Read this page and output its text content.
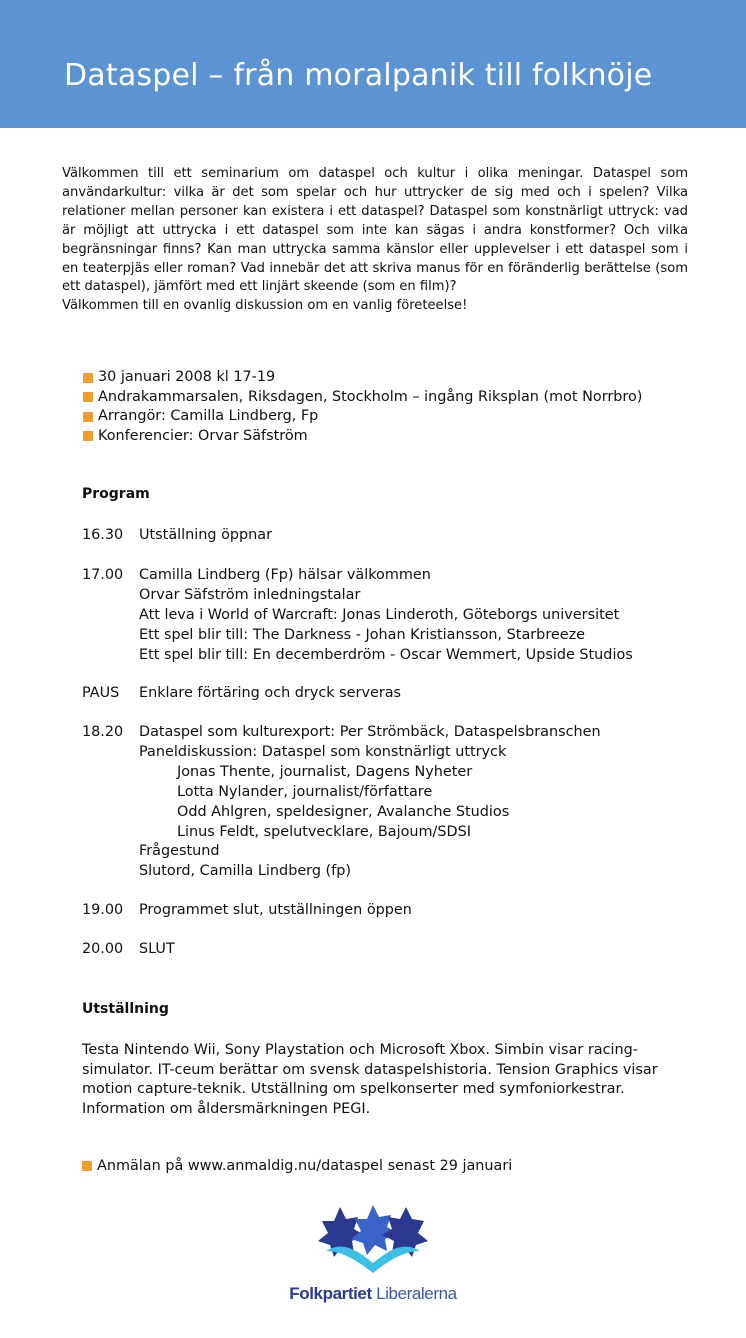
Dataspel – från moralpanik till folknöje

Välkommen till ett seminarium om dataspel och kultur i olika meningar. Dataspel som användarkultur: vilka är det som spelar och hur uttrycker de sig med och i spelen? Vilka relationer mellan personer kan existera i ett dataspel? Dataspel som konstnärligt uttryck: vad är möjligt att uttrycka i ett dataspel som inte kan sägas i andra konstformer? Och vilka begränsningar finns? Kan man uttrycka samma känslor eller upplevelser i ett dataspel som i en teaterpjäs eller roman? Vad innebär det att skriva manus för en föränderlig berättelse (som ett dataspel), jämfört med ett linjärt skeende (som en film)?

Välkommen till en ovanlig diskussion om en vanlig företeelse!
30 januari 2008 kl 17-19
Andrakammarsalen, Riksdagen, Stockholm – ingång Riksplan (mot Norrbro)
Arrangör: Camilla Lindberg, Fp
Konferencier: Orvar Säfström
Program
16.30 Utställning öppnar
17.00 Camilla Lindberg (Fp) hälsar välkommen
Orvar Säfström inledningstalar
Att leva i World of Warcraft: Jonas Linderoth, Göteborgs universitet
Ett spel blir till: The Darkness - Johan Kristiansson, Starbreeze
Ett spel blir till: En decemberdröm - Oscar Wemmert, Upside Studios
PAUS Enklare förtäring och dryck serveras
18.20 Dataspel som kulturexport: Per Strömbäck, Dataspelsbranschen
Paneldiskussion: Dataspel som konstnärligt uttryck
Jonas Thente, journalist, Dagens Nyheter
Lotta Nylander, journalist/författare
Odd Ahlgren, speldesigner, Avalanche Studios
Linus Feldt, spelutvecklare, Bajoum/SDSI
Frågestund
Slutord, Camilla Lindberg (fp)
19.00 Programmet slut, utställningen öppen
20.00 SLUT
Utställning
Testa Nintendo Wii, Sony Playstation och Microsoft Xbox. Simbin visar racing-simulator. IT-ceum berättar om svensk dataspelshistoria. Tension Graphics visar motion capture-teknik. Utställning om spelkonserter med symfoniorkestrar. Information om åldersmärkningen PEGI.
Anmälan på www.anmaldig.nu/dataspel senast 29 januari
Folkpartiet Liberalerna
